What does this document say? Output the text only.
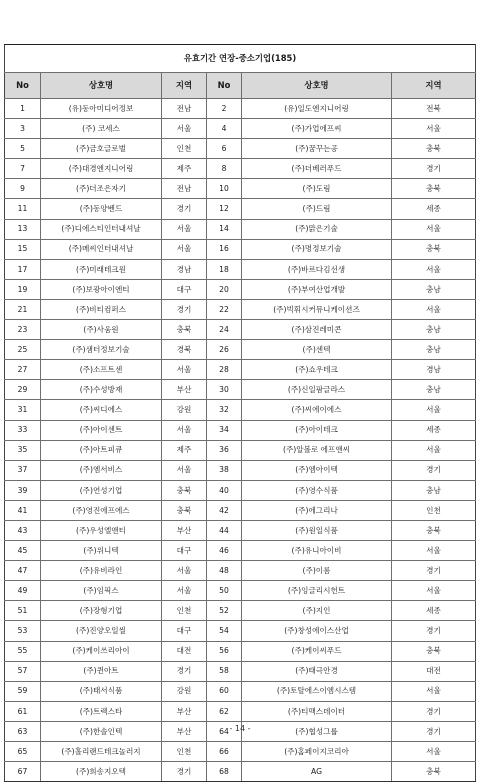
유효기간 연장-중소기업(185)					
No	상호명	지역	No	상호명	지역
1	(유)동아미디어정보	전남	2	(유)일도엔지니어링	전북
3	(주) 코세스	서울	4	(주)가업에프씨	서울
5	(주)금호글로벌	인천	6	(주)꿈꾸는공	충북
7	(주)대경엔지니어링	제주	8	(주)더베러푸드	경기
9	(주)더조은자기	전남	10	(주)도림	충북
11	(주)동양벤드	경기	12	(주)드림	세종
13	(주)디에스티인터내셔날	서울	14	(주)맑은기술	서울
15	(주)메씨인터내셔날	서울	16	(주)명정보기술	충북
17	(주)미래테크원	경남	18	(주)바르다김선생	서울
19	(주)보광아이엔티	대구	20	(주)부여산업개발	충남
21	(주)비티컴퍼스	경기	22	(주)빅휘시커뮤니케이션즈	서울
23	(주)사움원	충북	24	(주)삼진레미콘	충남
25	(주)샘터정보기술	경북	26	(주)센텍	충남
27	(주)소프트센	서울	28	(주)쇼우테크	경남
29	(주)수성방재	부산	30	(주)신일팜글라스	충남
31	(주)씨디에스	강원	32	(주)씨에이에스	서울
33	(주)아이센트	서울	34	(주)아이테크	세종
35	(주)아트피큐	제주	36	(주)알볼로 에프앤씨	서울
37	(주)엠서비스	서울	38	(주)엠아이텍	경기
39	(주)연성기업	충북	40	(주)영수식품	충남
41	(주)영진에프에스	충북	42	(주)에그리나	인천
43	(주)우성엘앤티	부산	44	(주)원일식품	충북
45	(주)위니텍	대구	46	(주)유니아이비	서울
47	(주)유비라인	서울	48	(주)이롬	경기
49	(주)임픽스	서울	50	(주)잉글리시헌트	서울
51	(주)장형기업	인천	52	(주)지인	세종
53	(주)진양오일씰	대구	54	(주)창성에이스산업	경기
55	(주)케이쓰리아이	대전	56	(주)케이씨푸드	충북
57	(주)퀸아트	경기	58	(주)태극안경	대전
59	(주)태서식품	강원	60	(주)토탈에스이엠시스템	서울
61	(주)트렉스타	부산	62	(주)티맥스데이터	경기
63	(주)한솔인텍	부산	64	(주)협성그룹	경기
65	(주)홀리랜드테크놀러지	인천	66	(주)홈페이지코리아	서울
67	(주)희송지오텍	경기	68	AG	충북
- 14 -
